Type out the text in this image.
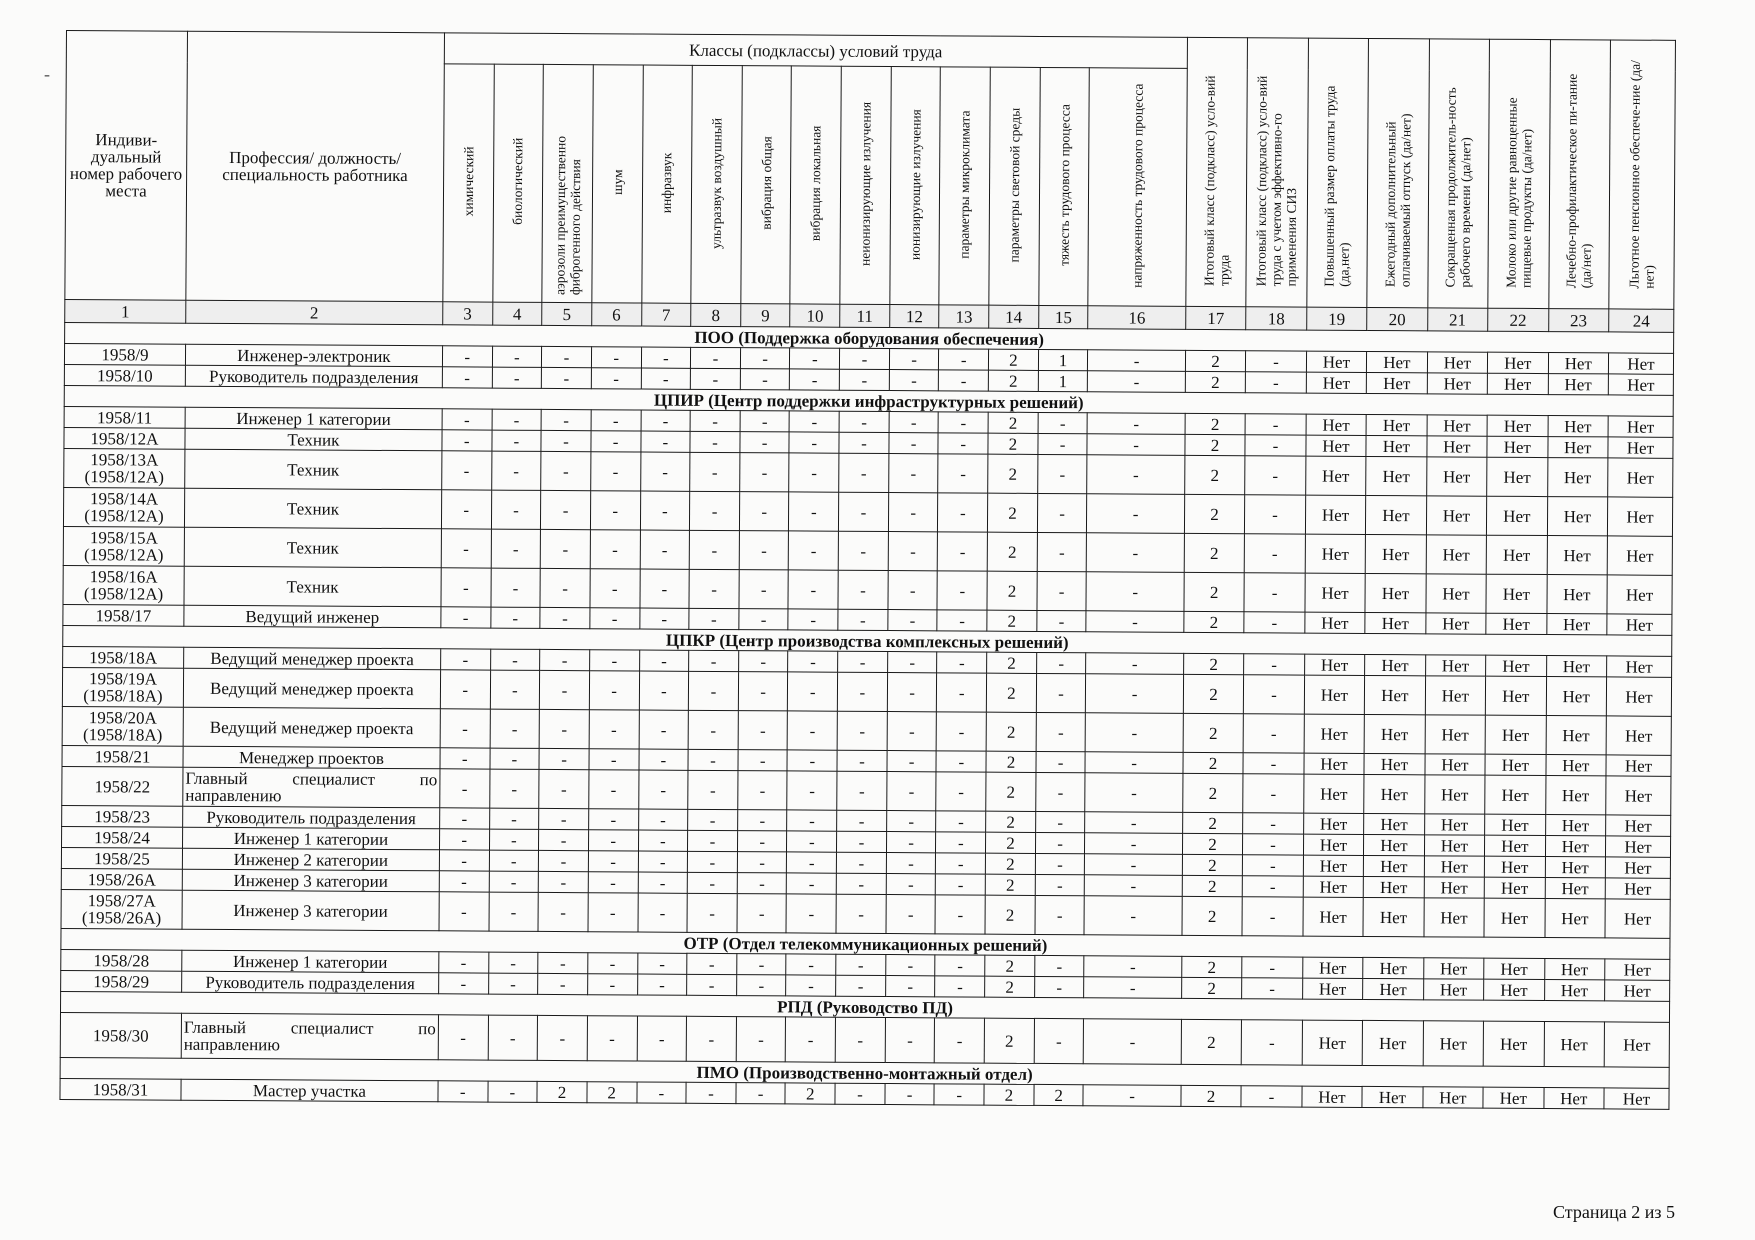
-
Индиви-дуальный номер рабочего места	Профессия/ должность/ специальность работника	Классы (подклассы) условий труда														Итоговый класс (подкласс) усло-вий труда	Итоговый класс (подкласс) усло-вий труда с учетом эффективно-го применения СИЗ	Повышенный размер оплаты труда (да,нет)	Ежегодный дополнительный оплачиваемый отпуск (да/нет)	Сокращенная продолжитель-ность рабочего времени (да/нет)	Молоко или другие равноценные пищевые продукты (да/нет)	Лечебно-профилактическое пи-тание (да/нет)	Льготное пенсионное обеспече-ние (да/нет)
		химический	биологический	аэрозоли преимущественно фиброгенного действия	шум	инфразвук	ультразвук воздушный	вибрация общая	вибрация локальная	неионизирующие излучения	ионизирующие излучения	параметры микроклимата	параметры световой среды	тяжесть трудового процесса	напряженность трудового процесса								
1	2	3	4	5	6	7	8	9	10	11	12	13	14	15	16	17	18	19	20	21	22	23	24
ПОО (Поддержка оборудования обеспечения)																							
1958/9	Инженер-электроник	-	-	-	-	-	-	-	-	-	-	-	2	1	-	2	-	Нет	Нет	Нет	Нет	Нет	Нет
1958/10	Руководитель подразделения	-	-	-	-	-	-	-	-	-	-	-	2	1	-	2	-	Нет	Нет	Нет	Нет	Нет	Нет
ЦПИР (Центр поддержки инфраструктурных решений)																							
1958/11	Инженер 1 категории	-	-	-	-	-	-	-	-	-	-	-	2	-	-	2	-	Нет	Нет	Нет	Нет	Нет	Нет
1958/12А	Техник	-	-	-	-	-	-	-	-	-	-	-	2	-	-	2	-	Нет	Нет	Нет	Нет	Нет	Нет
1958/13А (1958/12А)	Техник	-	-	-	-	-	-	-	-	-	-	-	2	-	-	2	-	Нет	Нет	Нет	Нет	Нет	Нет
1958/14А (1958/12А)	Техник	-	-	-	-	-	-	-	-	-	-	-	2	-	-	2	-	Нет	Нет	Нет	Нет	Нет	Нет
1958/15А (1958/12А)	Техник	-	-	-	-	-	-	-	-	-	-	-	2	-	-	2	-	Нет	Нет	Нет	Нет	Нет	Нет
1958/16А (1958/12А)	Техник	-	-	-	-	-	-	-	-	-	-	-	2	-	-	2	-	Нет	Нет	Нет	Нет	Нет	Нет
1958/17	Ведущий инженер	-	-	-	-	-	-	-	-	-	-	-	2	-	-	2	-	Нет	Нет	Нет	Нет	Нет	Нет
ЦПКР (Центр производства комплексных решений)																							
1958/18А	Ведущий менеджер проекта	-	-	-	-	-	-	-	-	-	-	-	2	-	-	2	-	Нет	Нет	Нет	Нет	Нет	Нет
1958/19А (1958/18А)	Ведущий менеджер проекта	-	-	-	-	-	-	-	-	-	-	-	2	-	-	2	-	Нет	Нет	Нет	Нет	Нет	Нет
1958/20А (1958/18А)	Ведущий менеджер проекта	-	-	-	-	-	-	-	-	-	-	-	2	-	-	2	-	Нет	Нет	Нет	Нет	Нет	Нет
1958/21	Менеджер проектов	-	-	-	-	-	-	-	-	-	-	-	2	-	-	2	-	Нет	Нет	Нет	Нет	Нет	Нет
1958/22	Главный специалист по направлению	-	-	-	-	-	-	-	-	-	-	-	2	-	-	2	-	Нет	Нет	Нет	Нет	Нет	Нет
1958/23	Руководитель подразделения	-	-	-	-	-	-	-	-	-	-	-	2	-	-	2	-	Нет	Нет	Нет	Нет	Нет	Нет
1958/24	Инженер 1 категории	-	-	-	-	-	-	-	-	-	-	-	2	-	-	2	-	Нет	Нет	Нет	Нет	Нет	Нет
1958/25	Инженер 2 категории	-	-	-	-	-	-	-	-	-	-	-	2	-	-	2	-	Нет	Нет	Нет	Нет	Нет	Нет
1958/26А	Инженер 3 категории	-	-	-	-	-	-	-	-	-	-	-	2	-	-	2	-	Нет	Нет	Нет	Нет	Нет	Нет
1958/27А (1958/26А)	Инженер 3 категории	-	-	-	-	-	-	-	-	-	-	-	2	-	-	2	-	Нет	Нет	Нет	Нет	Нет	Нет
ОТР (Отдел телекоммуникационных решений)																							
1958/28	Инженер 1 категории	-	-	-	-	-	-	-	-	-	-	-	2	-	-	2	-	Нет	Нет	Нет	Нет	Нет	Нет
1958/29	Руководитель подразделения	-	-	-	-	-	-	-	-	-	-	-	2	-	-	2	-	Нет	Нет	Нет	Нет	Нет	Нет
РПД (Руководство ПД)																							
1958/30	Главный специалист по направлению	-	-	-	-	-	-	-	-	-	-	-	2	-	-	2	-	Нет	Нет	Нет	Нет	Нет	Нет
ПМО (Производственно-монтажный отдел)																							
1958/31	Мастер участка	-	-	2	2	-	-	-	2	-	-	-	2	2	-	2	-	Нет	Нет	Нет	Нет	Нет	Нет
Страница 2 из 5
